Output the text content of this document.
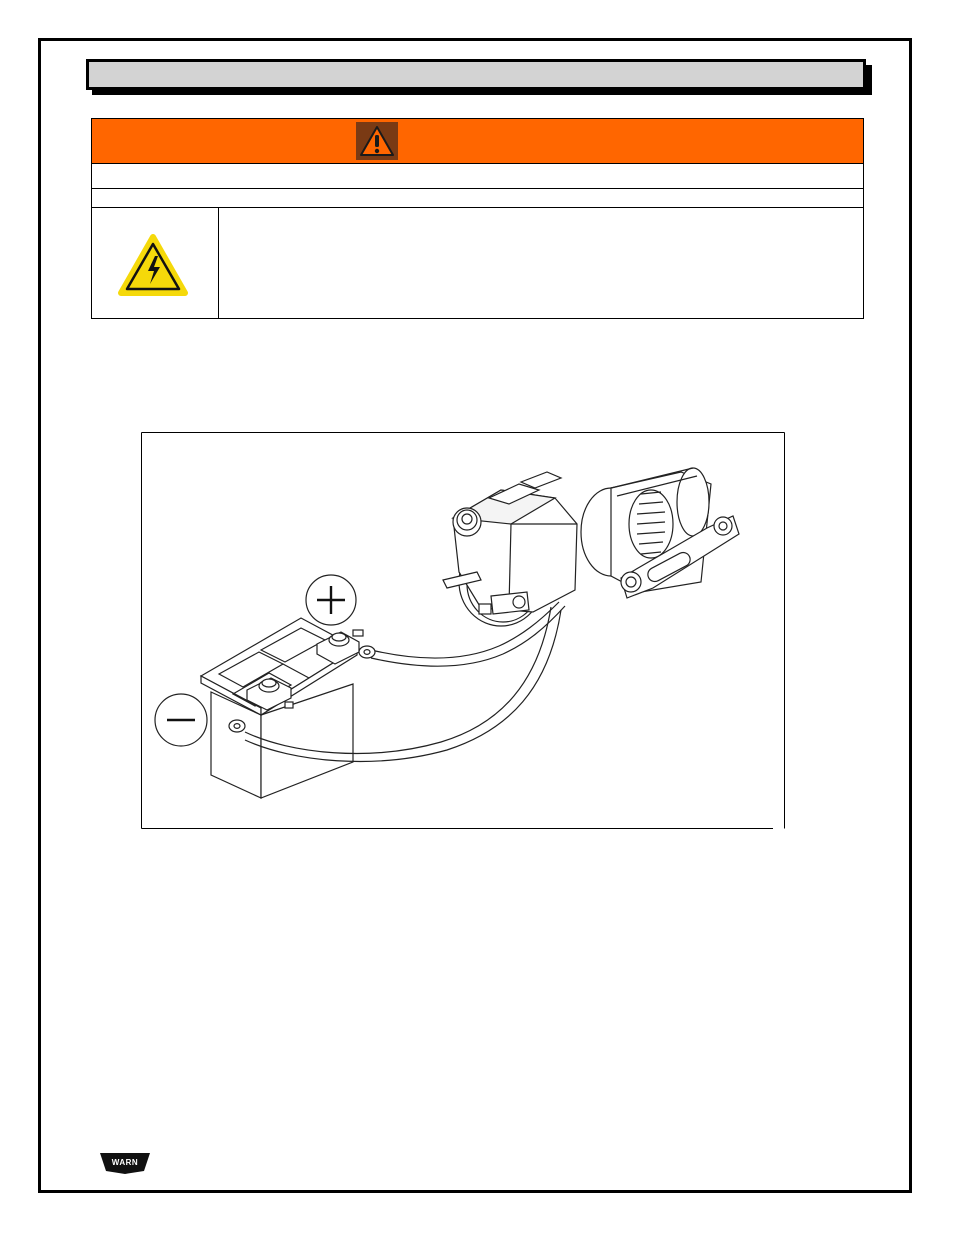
WARN
